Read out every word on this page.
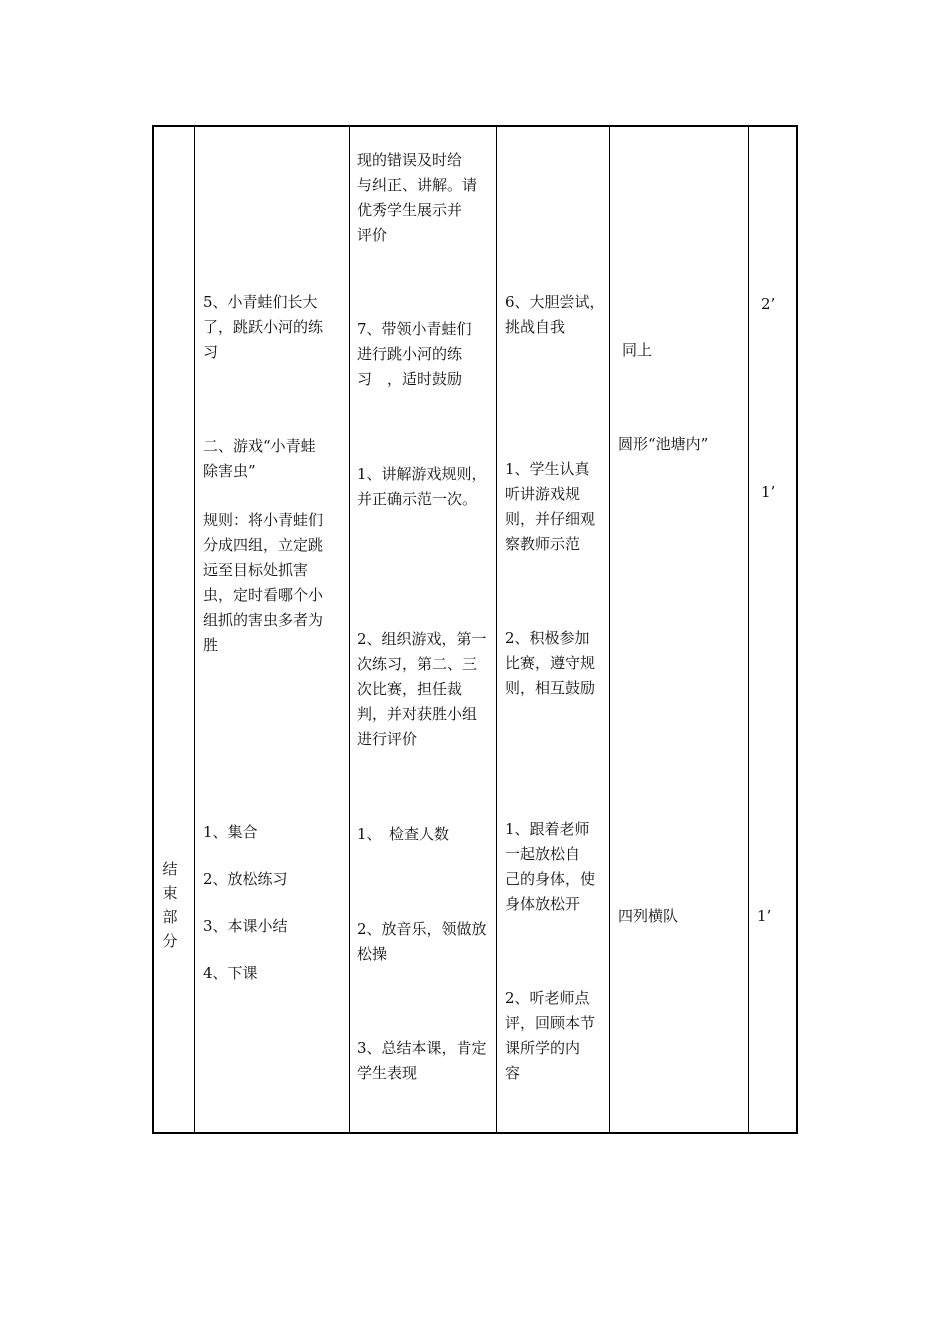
结
束
部
分
5、小青蛙们长大
了，跳跃小河的练
习
二、游戏“小青蛙
除害虫”
规则：将小青蛙们
分成四组，立定跳
远至目标处抓害
虫，定时看哪个小
组抓的害虫多者为
胜
1、集合
2、放松练习
3、本课小结
4、下课
现的错误及时给
与纠正、讲解。请
优秀学生展示并
评价
7、带领小青蛙们
进行跳小河的练
习　，适时鼓励
1、讲解游戏规则，
并正确示范一次。
2、组织游戏，第一
次练习，第二、三
次比赛，担任裁
判，并对获胜小组
进行评价
1、　检查人数
2、放音乐，领做放
松操
3、总结本课，肯定
学生表现
6、大胆尝试，
挑战自我
1、学生认真
听讲游戏规
则，并仔细观
察教师示范
2、积极参加
比赛，遵守规
则，相互鼓励
1、跟着老师
一起放松自
己的身体，使
身体放松开
2、听老师点
评，回顾本节
课所学的内
容
同上
圆形“池塘内”
四列横队
2’
1’
1’
